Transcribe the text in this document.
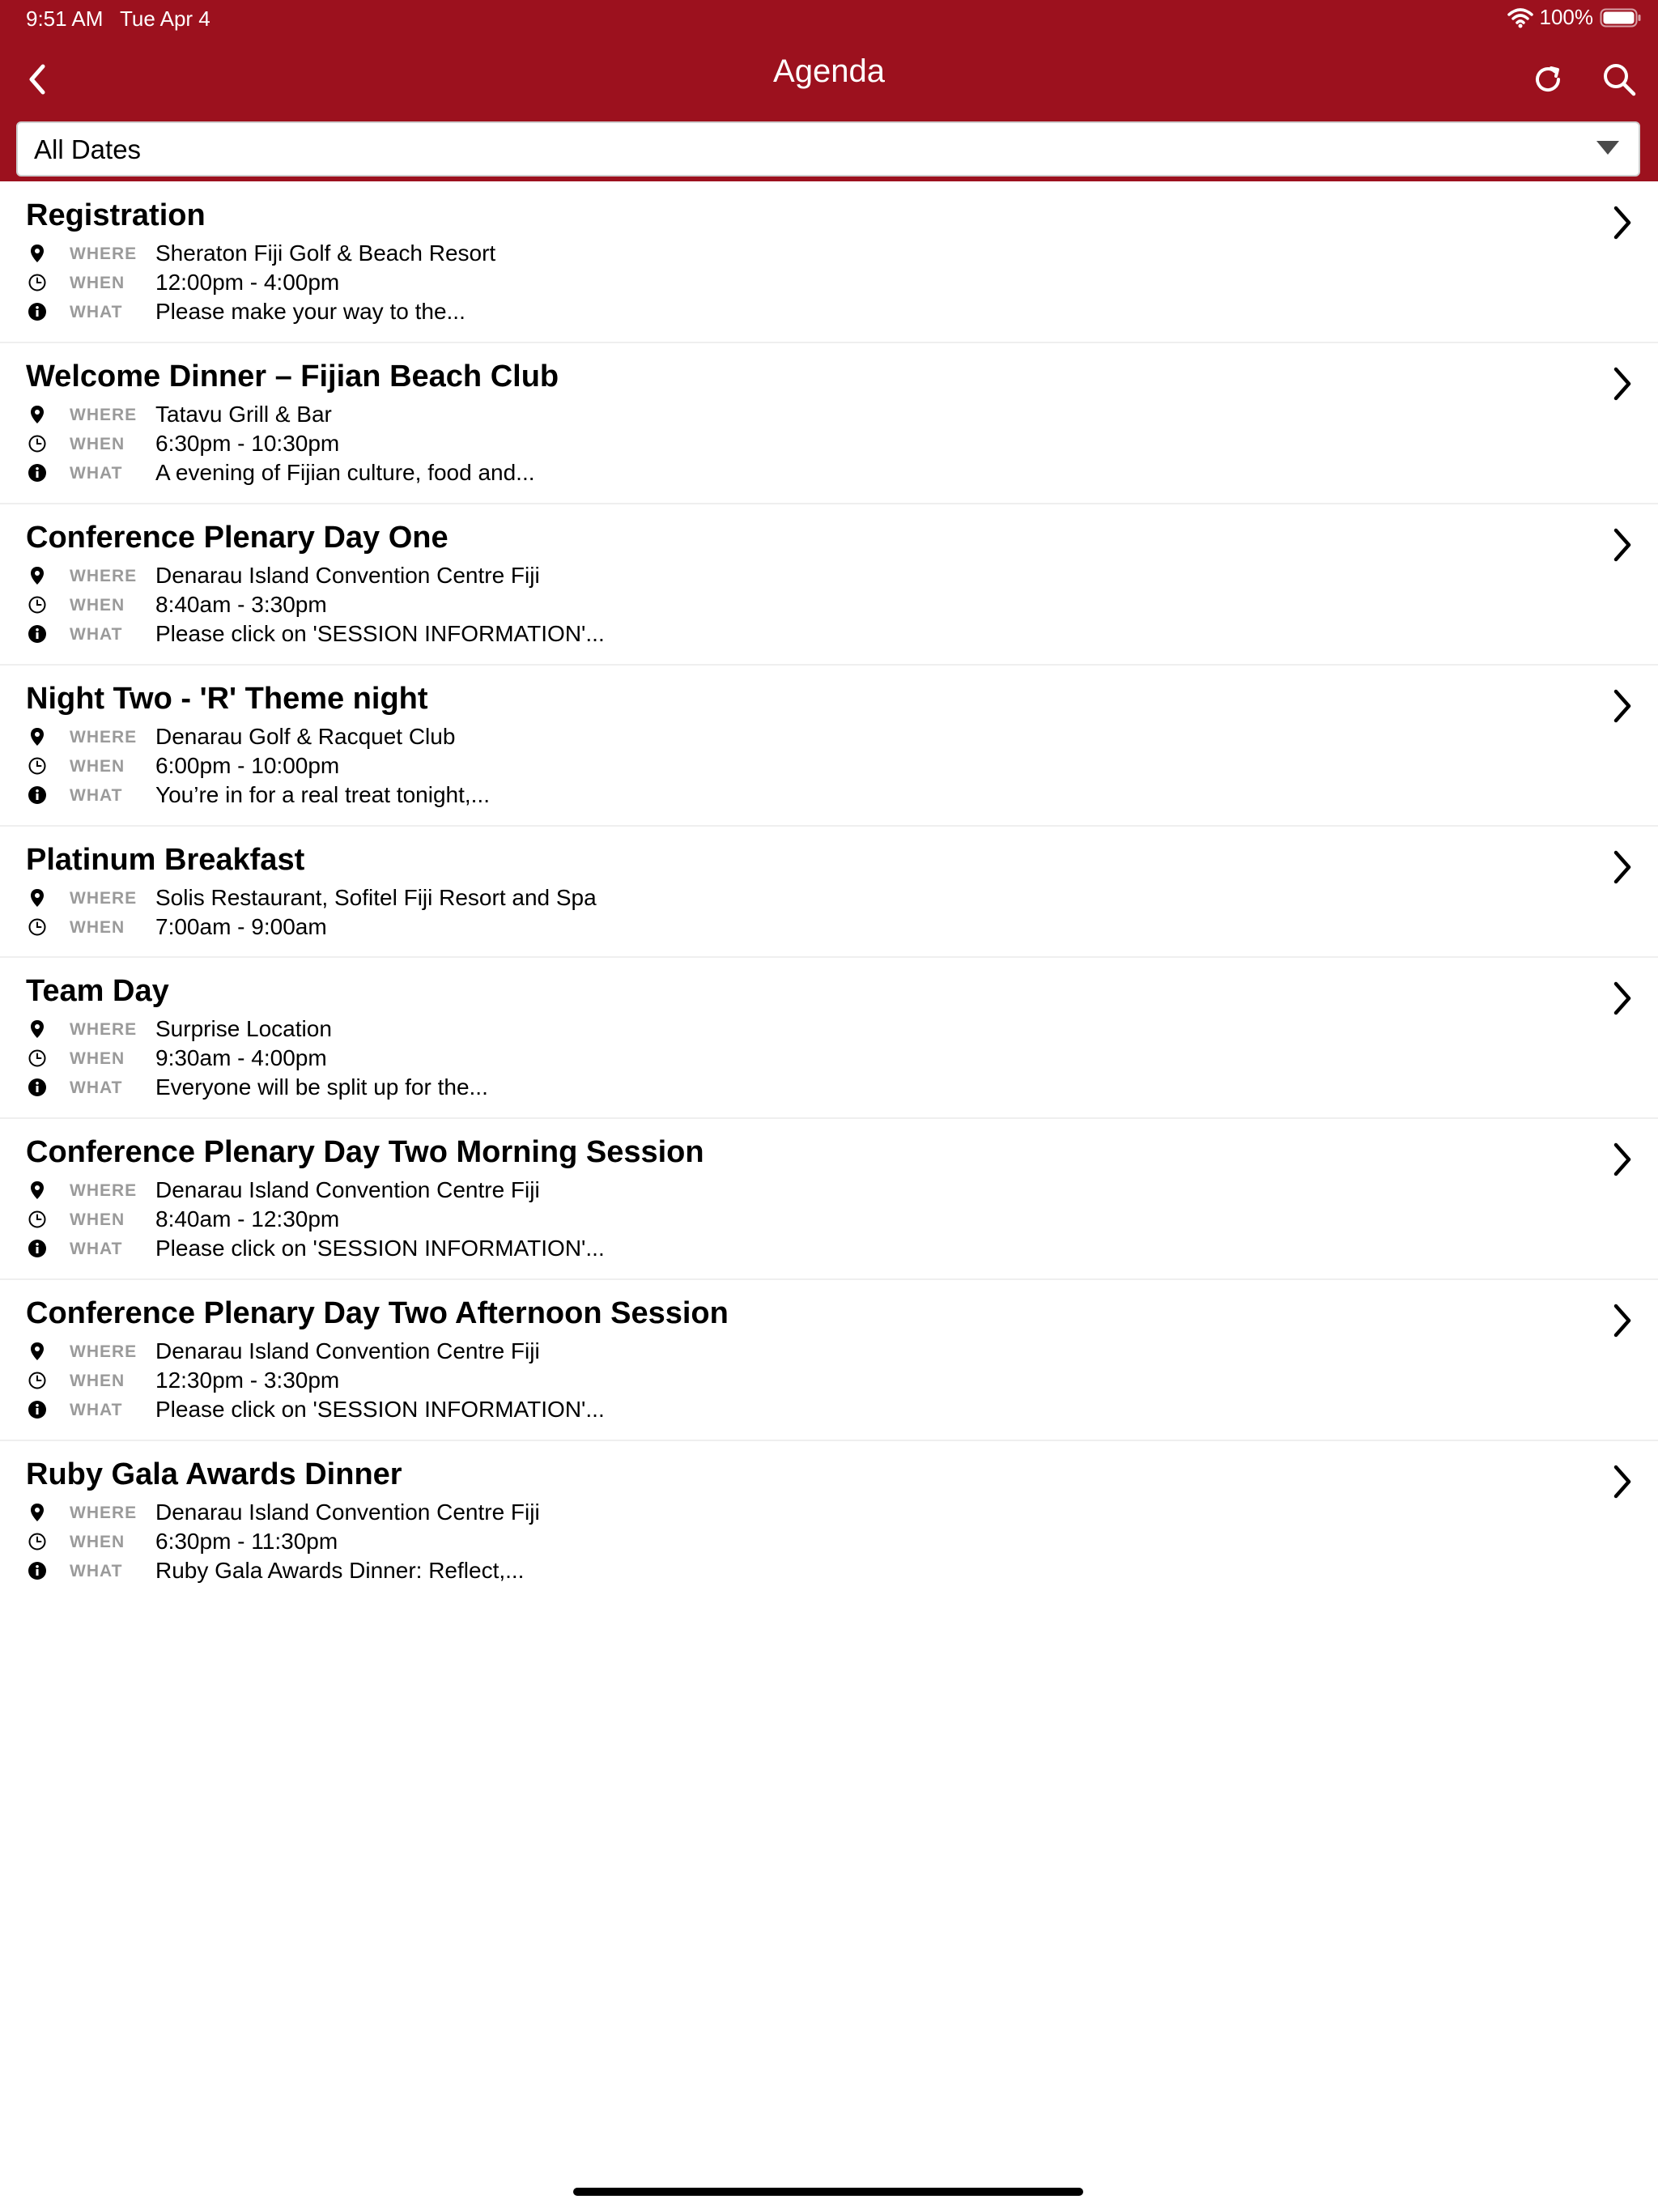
9:51 AM Tue Apr 4	100%
Agenda
All Dates
Registration
WHERE Sheraton Fiji Golf & Beach Resort
WHEN 12:00pm - 4:00pm
WHAT Please make your way to the...
Welcome Dinner – Fijian Beach Club
WHERE Tatavu Grill & Bar
WHEN 6:30pm - 10:30pm
WHAT A evening of Fijian culture, food and...
Conference Plenary Day One
WHERE Denarau Island Convention Centre Fiji
WHEN 8:40am - 3:30pm
WHAT Please click on 'SESSION INFORMATION'...
Night Two - 'R' Theme night
WHERE Denarau Golf & Racquet Club
WHEN 6:00pm - 10:00pm
WHAT You’re in for a real treat tonight,...
Platinum Breakfast
WHERE Solis Restaurant, Sofitel Fiji Resort and Spa
WHEN 7:00am - 9:00am
Team Day
WHERE Surprise Location
WHEN 9:30am - 4:00pm
WHAT Everyone will be split up for the...
Conference Plenary Day Two Morning Session
WHERE Denarau Island Convention Centre Fiji
WHEN 8:40am - 12:30pm
WHAT Please click on 'SESSION INFORMATION'...
Conference Plenary Day Two Afternoon Session
WHERE Denarau Island Convention Centre Fiji
WHEN 12:30pm - 3:30pm
WHAT Please click on 'SESSION INFORMATION'...
Ruby Gala Awards Dinner
WHERE Denarau Island Convention Centre Fiji
WHEN 6:30pm - 11:30pm
WHAT Ruby Gala Awards Dinner: Reflect,...
